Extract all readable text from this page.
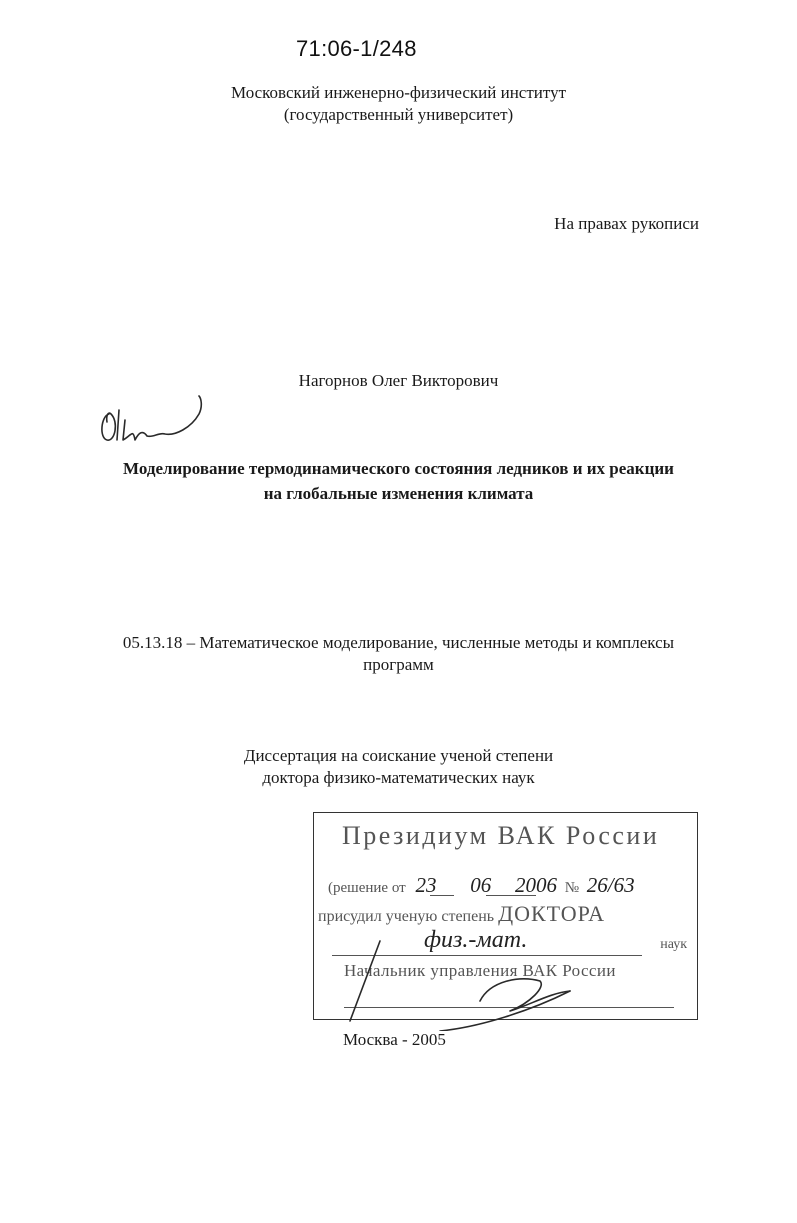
71:06-1/248
Московский инженерно-физический институт
(государственный университет)
На правах рукописи
Нагорнов Олег Викторович
Моделирование термодинамического состояния ледников и их реакции
на глобальные изменения климата
05.13.18 – Математическое моделирование, численные методы и комплексы
программ
Диссертация на соискание ученой степени
доктора физико-математических наук
Президиум ВАК России
(решение от 23 06 2006 № 26/63
присудил ученую степень ДОКТОРА
физ.-мат.	наук
Начальник управления ВАК России
Москва - 2005
